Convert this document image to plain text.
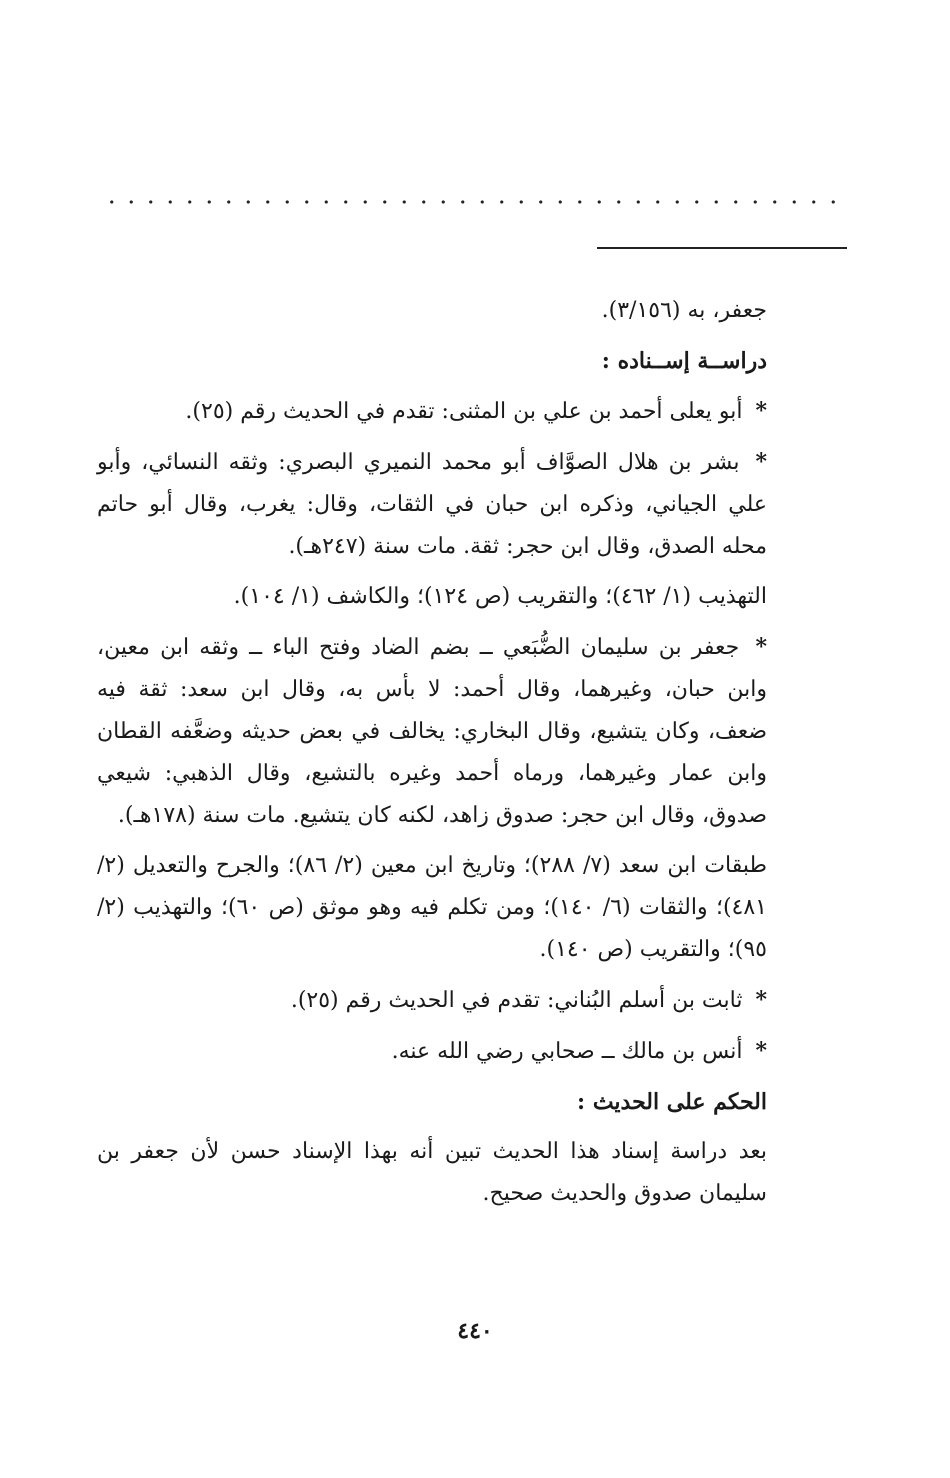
جعفر، به (٣/١٥٦).

دراســة إســناده :

* أبو يعلى أحمد بن علي بن المثنى: تقدم في الحديث رقم (٢٥).

* بشر بن هلال الصوَّاف أبو محمد النميري البصري: وثقه النسائي، وأبو علي الجياني، وذكره ابن حبان في الثقات، وقال: يغرب، وقال أبو حاتم محله الصدق، وقال ابن حجر: ثقة. مات سنة (٢٤٧هـ).

التهذيب (١/ ٤٦٢)؛ والتقريب (ص ١٢٤)؛ والكاشف (١/ ١٠٤).

* جعفر بن سليمان الضُّبَعي ــ بضم الضاد وفتح الباء ــ وثقه ابن معين، وابن حبان، وغيرهما، وقال أحمد: لا بأس به، وقال ابن سعد: ثقة فيه ضعف، وكان يتشيع، وقال البخاري: يخالف في بعض حديثه وضعَّفه القطان وابن عمار وغيرهما، ورماه أحمد وغيره بالتشيع، وقال الذهبي: شيعي صدوق، وقال ابن حجر: صدوق زاهد، لكنه كان يتشيع. مات سنة (١٧٨هـ).

طبقات ابن سعد (٧/ ٢٨٨)؛ وتاريخ ابن معين (٢/ ٨٦)؛ والجرح والتعديل (٢/ ٤٨١)؛ والثقات (٦/ ١٤٠)؛ ومن تكلم فيه وهو موثق (ص ٦٠)؛ والتهذيب (٢/ ٩٥)؛ والتقريب (ص ١٤٠).

* ثابت بن أسلم البُناني: تقدم في الحديث رقم (٢٥).

* أنس بن مالك ــ صحابي رضي الله عنه.

الحكم على الحديث :

بعد دراسة إسناد هذا الحديث تبين أنه بهذا الإسناد حسن لأن جعفر بن سليمان صدوق والحديث صحيح.

٤٤٠
